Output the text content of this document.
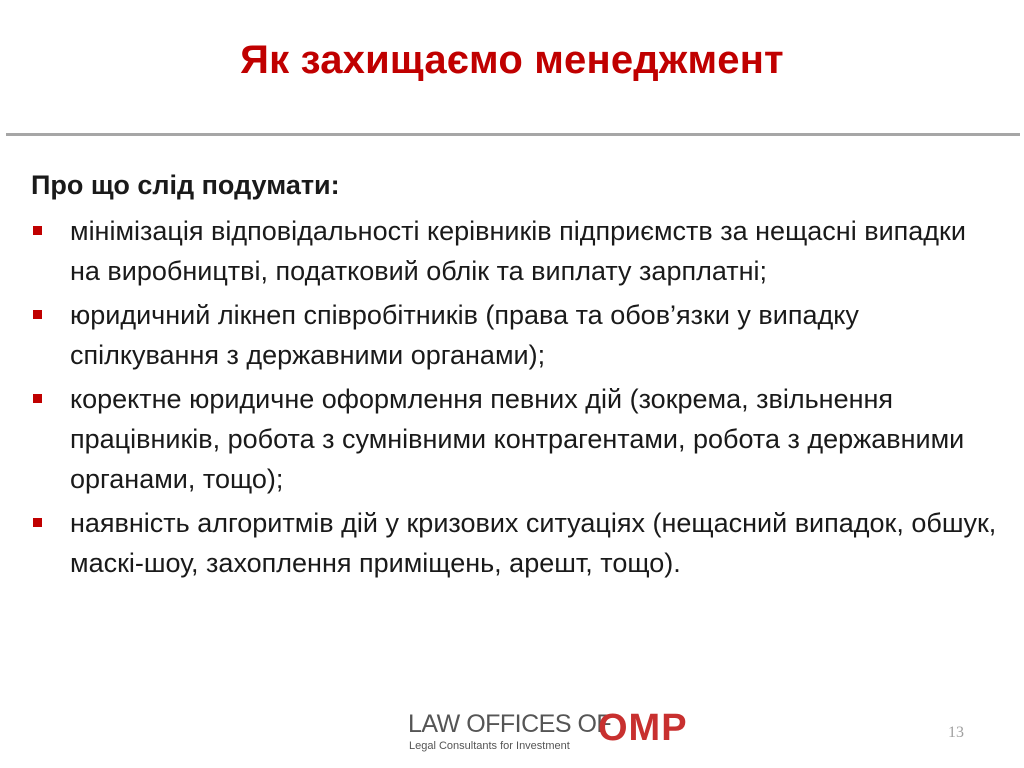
Як захищаємо менеджмент
Про що слід подумати:
мінімізація відповідальності керівників підприємств за нещасні випадки на виробництві, податковий облік та виплату зарплатні;
юридичний лікнеп співробітників (права та обов’язки у випадку спілкування з державними органами);
коректне юридичне оформлення певних дій (зокрема, звільнення працівників, робота з сумнівними контрагентами, робота з державними органами, тощо);
наявність алгоритмів дій у кризових ситуаціях (нещасний випадок, обшук, маскі-шоу, захоплення приміщень, арешт, тощо).
LAW OFFICES OF
Legal Consultants for Investment OMP	13
